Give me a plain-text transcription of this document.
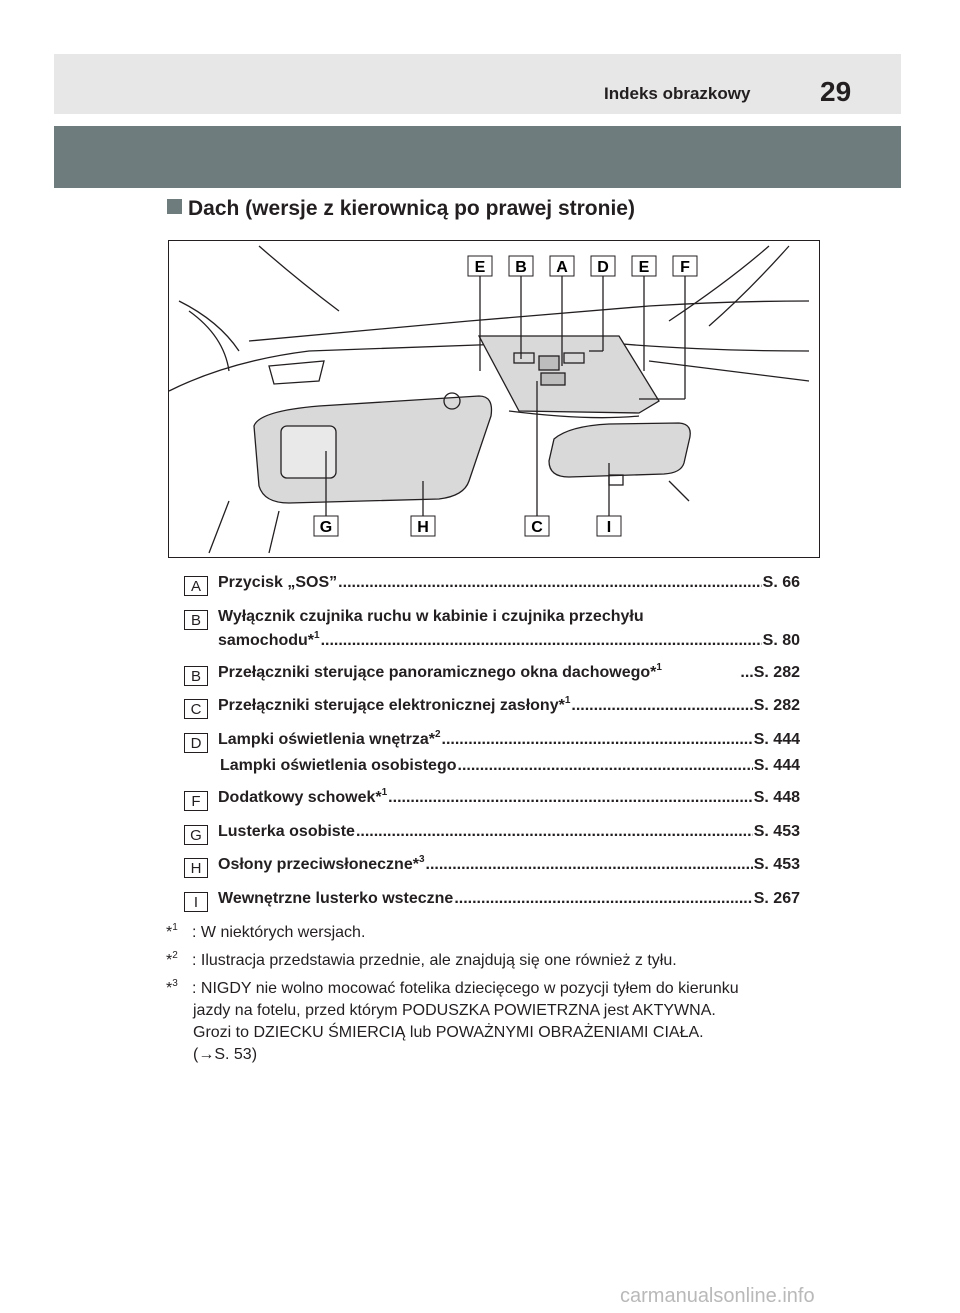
Indeks obrazkowy 29
Dach (wersje z kierownicą po prawej stronie)
E B A D E F
G	H	C	I
A	Przycisk „SOS” .....	S. 66
B	Wyłącznik czujnika ruchu w kabinie i czujnika przechyłu
samochodu*$^1$ .....	S. 80
B	Przełączniki sterujące panoramicznego okna dachowego*$^1$	...S. 282
C	Przełączniki sterujące elektronicznej zasłony*$^1$ .....	S. 282
D	Lampki oświetlenia wnętrza*$^2$ .....	S. 444
Lampki oświetlenia osobistego .....	S. 444
F	Dodatkowy schowek*$^1$ .....	S. 448
G	Lusterka osobiste .....	S. 453
H	Osłony przeciwsłoneczne*$^3$ .....	S. 453
I	Wewnętrzne lusterko wsteczne .....	S. 267
*$^1$ : W niektórych wersjach.
*$^2$ : Ilustracja przedstawia przednie, ale znajdują się one również z tyłu.
*$^3$ : NIGDY nie wolno mocować fotelika dziecięcego w pozycji tyłem do kierunku
jazdy na fotelu, przed którym PODUSZKA POWIETRZNA jest AKTYWNA.
Grozi to DZIECKU ŚMIERCIĄ lub POWAŻNYMI OBRAŻENIAMI CIAŁA.
(→S. 53)
carmanualsonline.info
